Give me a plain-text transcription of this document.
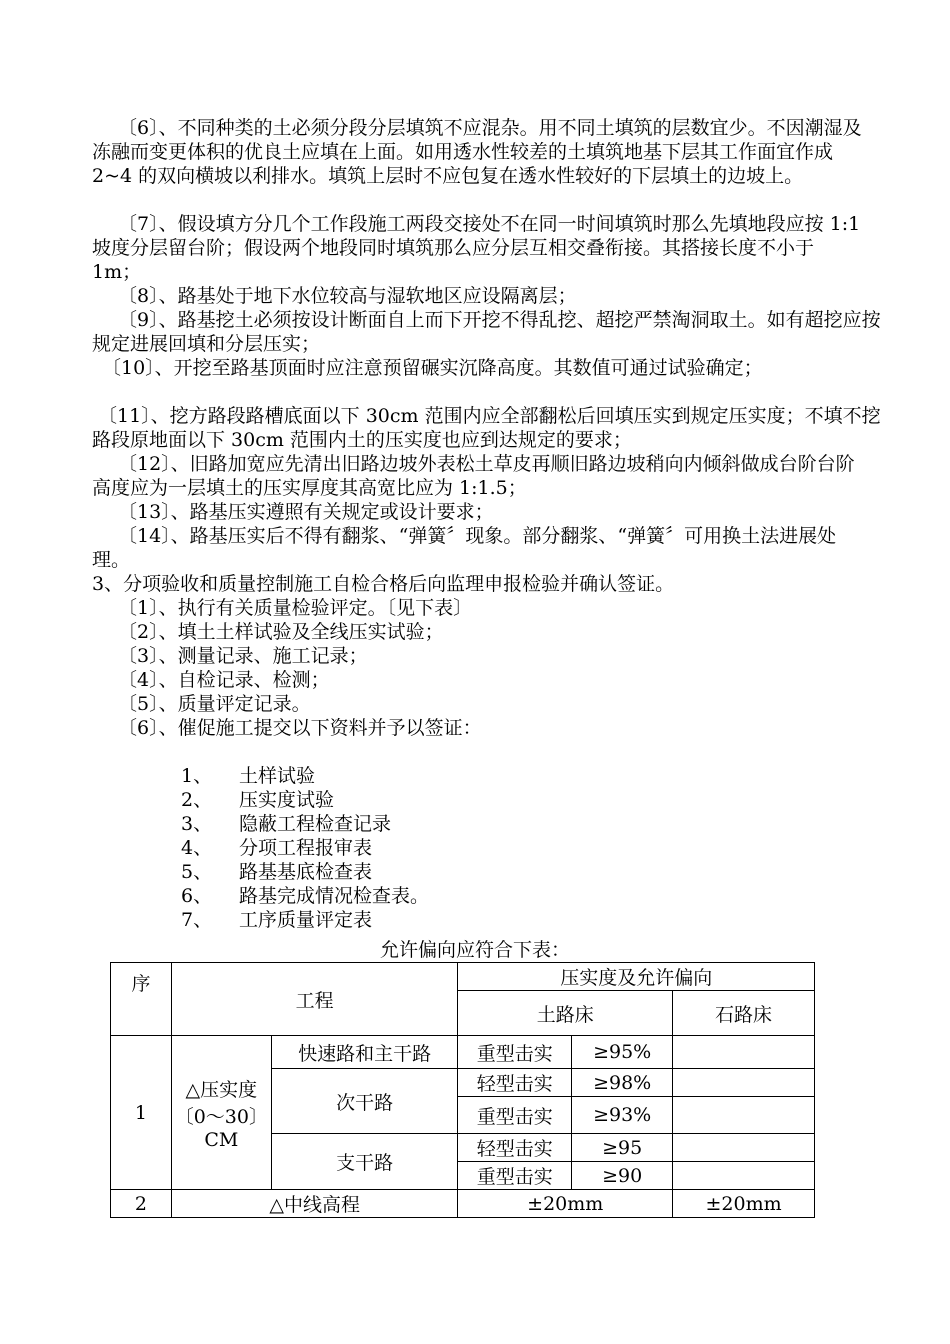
〔6〕、不同种类的土必须分段分层填筑不应混杂。用不同土填筑的层数宜少。不因潮湿及冻融而变更体积的优良土应填在上面。如用透水性较差的土填筑地基下层其工作面宜作成 2~4 的双向横坡以利排水。填筑上层时不应包复在透水性较好的下层填土的边坡上。

〔7〕、假设填方分几个工作段施工两段交接处不在同一时间填筑时那么先填地段应按 1:1 坡度分层留台阶；假设两个地段同时填筑那么应分层互相交叠衔接。其搭接长度不小于 1m；

〔8〕、路基处于地下水位较高与湿软地区应设隔离层；

〔9〕、路基挖土必须按设计断面自上而下开挖不得乱挖、超挖严禁淘洞取土。如有超挖应按规定进展回填和分层压实；

〔10〕、开挖至路基顶面时应注意预留碾实沉降高度。其数值可通过试验确定；

〔11〕、挖方路段路槽底面以下 30cm 范围内应全部翻松后回填压实到规定压实度；不填不挖路段原地面以下 30cm 范围内土的压实度也应到达规定的要求；

〔12〕、旧路加宽应先清出旧路边坡外表松土草皮再顺旧路边坡稍向内倾斜做成台阶台阶高度应为一层填土的压实厚度其高宽比应为 1:1.5；

〔13〕、路基压实遵照有关规定或设计要求；

〔14〕、路基压实后不得有翻浆、“弹簧〞现象。部分翻浆、“弹簧〞可用换土法进展处理。

3、分项验收和质量控制施工自检合格后向监理申报检验并确认签证。

〔1〕、执行有关质量检验评定。〔见下表〕

〔2〕、填土土样试验及全线压实试验；

〔3〕、测量记录、施工记录；

〔4〕、自检记录、检测；

〔5〕、质量评定记录。

〔6〕、催促施工提交以下资料并予以签证：

1、 土样试验
2、 压实度试验
3、 隐蔽工程检查记录
4、 分项工程报审表
5、 路基基底检查表
6、 路基完成情况检查表。
7、 工序质量评定表
允许偏向应符合下表：
序	工程		压实度及允许偏向		
			土路床		石路床
1	△压实度〔0～30〕CM	快速路和主干路	重型击实	≥95%	
		次干路	轻型击实	≥98%	
			重型击实	≥93%	
		支干路	轻型击实	≥95	
			重型击实	≥90	
2	△中线高程		±20mm		±20mm
